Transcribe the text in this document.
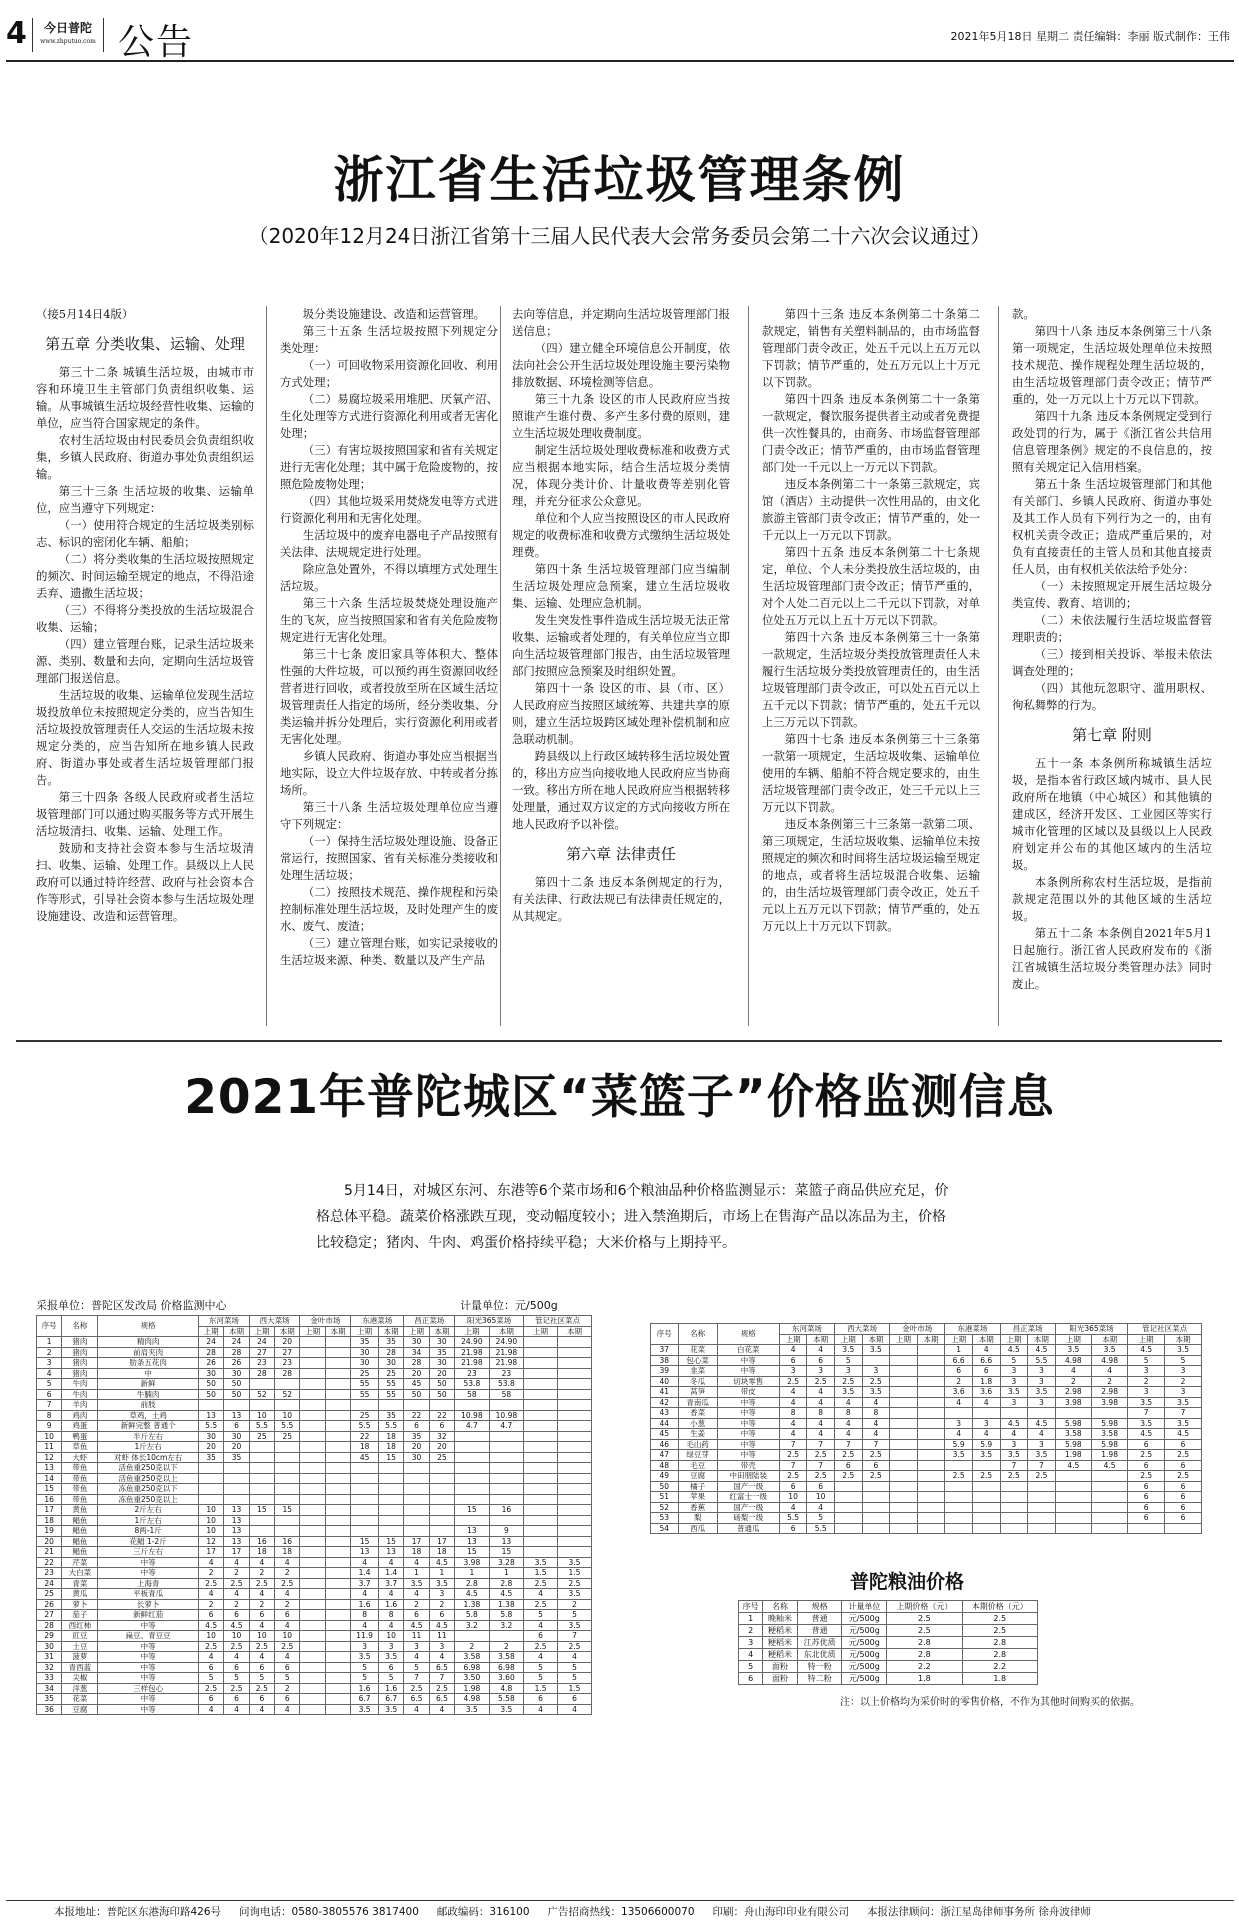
4	今日普陀
www.zhputuo.com 公告	2021年5月18日 星期二 责任编辑：李丽 版式制作：王伟
浙江省生活垃圾管理条例
（2020年12月24日浙江省第十三届人民代表大会常务委员会第二十六次会议通过）

（接5月14日4版）

第五章 分类收集、运输、处理

第三十二条 城镇生活垃圾，由城市市容和环境卫生主管部门负责组织收集、运输。从事城镇生活垃圾经营性收集、运输的单位，应当符合国家规定的条件。

农村生活垃圾由村民委员会负责组织收集，乡镇人民政府、街道办事处负责组织运输。

第三十三条 生活垃圾的收集、运输单位，应当遵守下列规定：

（一）使用符合规定的生活垃圾类别标志、标识的密闭化车辆、船舶；

（二）将分类收集的生活垃圾按照规定的频次、时间运输至规定的地点，不得沿途丢弃、遗撒生活垃圾；

（三）不得将分类投放的生活垃圾混合收集、运输；

（四）建立管理台账，记录生活垃圾来源、类别、数量和去向，定期向生活垃圾管理部门报送信息。

生活垃圾的收集、运输单位发现生活垃圾投放单位未按照规定分类的，应当告知生活垃圾投放管理责任人交运的生活垃圾未按规定分类的，应当告知所在地乡镇人民政府、街道办事处或者生活垃圾管理部门报告。

第三十四条 各级人民政府或者生活垃圾管理部门可以通过购买服务等方式开展生活垃圾清扫、收集、运输、处理工作。

鼓励和支持社会资本参与生活垃圾清扫、收集、运输、处理工作。县级以上人民政府可以通过特许经营、政府与社会资本合作等形式，引导社会资本参与生活垃圾处理设施建设、改造和运营管理。

圾分类设施建设、改造和运营管理。

第三十五条 生活垃圾按照下列规定分类处理：

（一）可回收物采用资源化回收、利用方式处理；

（二）易腐垃圾采用堆肥、厌氧产沼、生化处理等方式进行资源化利用或者无害化处理；

（三）有害垃圾按照国家和省有关规定进行无害化处理；其中属于危险废物的，按照危险废物处理；

（四）其他垃圾采用焚烧发电等方式进行资源化利用和无害化处理。

生活垃圾中的废弃电器电子产品按照有关法律、法规规定进行处理。

除应急处置外，不得以填埋方式处理生活垃圾。

第三十六条 生活垃圾焚烧处理设施产生的飞灰，应当按照国家和省有关危险废物规定进行无害化处理。

第三十七条 废旧家具等体积大、整体性强的大件垃圾，可以预约再生资源回收经营者进行回收，或者投放至所在区域生活垃圾管理责任人指定的场所，经分类收集、分类运输并拆分处理后，实行资源化利用或者无害化处理。

乡镇人民政府、街道办事处应当根据当地实际，设立大件垃圾存放、中转或者分拣场所。

第三十八条 生活垃圾处理单位应当遵守下列规定：

（一）保持生活垃圾处理设施、设备正常运行，按照国家、省有关标准分类接收和处理生活垃圾；

（二）按照技术规范、操作规程和污染控制标准处理生活垃圾，及时处理产生的废水、废气、废渣；

（三）建立管理台账，如实记录接收的生活垃圾来源、种类、数量以及产生产品

去向等信息，并定期向生活垃圾管理部门报送信息；

（四）建立健全环境信息公开制度，依法向社会公开生活垃圾处理设施主要污染物排放数据、环境检测等信息。

第三十九条 设区的市人民政府应当按照谁产生谁付费、多产生多付费的原则，建立生活垃圾处理收费制度。

制定生活垃圾处理收费标准和收费方式应当根据本地实际，结合生活垃圾分类情况，体现分类计价、计量收费等差别化管理，并充分征求公众意见。

单位和个人应当按照设区的市人民政府规定的收费标准和收费方式缴纳生活垃圾处理费。

第四十条 生活垃圾管理部门应当编制生活垃圾处理应急预案，建立生活垃圾收集、运输、处理应急机制。

发生突发性事件造成生活垃圾无法正常收集、运输或者处理的，有关单位应当立即向生活垃圾管理部门报告，由生活垃圾管理部门按照应急预案及时组织处置。

第四十一条 设区的市、县（市、区）人民政府应当按照区域统筹、共建共享的原则，建立生活垃圾跨区域处理补偿机制和应急联动机制。

跨县级以上行政区域转移生活垃圾处置的，移出方应当向接收地人民政府应当协商一致。移出方所在地人民政府应当根据转移处理量，通过双方议定的方式向接收方所在地人民政府予以补偿。

第六章 法律责任

第四十二条 违反本条例规定的行为，有关法律、行政法规已有法律责任规定的，从其规定。

第四十三条 违反本条例第二十条第二款规定，销售有关塑料制品的，由市场监督管理部门责令改正，处五千元以上五万元以下罚款；情节严重的，处五万元以上十万元以下罚款。

第四十四条 违反本条例第二十一条第一款规定，餐饮服务提供者主动或者免费提供一次性餐具的，由商务、市场监督管理部门责令改正；情节严重的，由市场监督管理部门处一千元以上一万元以下罚款。

违反本条例第二十一条第三款规定，宾馆（酒店）主动提供一次性用品的，由文化旅游主管部门责令改正；情节严重的，处一千元以上一万元以下罚款。

第四十五条 违反本条例第二十七条规定，单位、个人未分类投放生活垃圾的，由生活垃圾管理部门责令改正；情节严重的，对个人处二百元以上二千元以下罚款，对单位处五万元以上五十万元以下罚款。

第四十六条 违反本条例第三十一条第一款规定，生活垃圾分类投放管理责任人未履行生活垃圾分类投放管理责任的，由生活垃圾管理部门责令改正，可以处五百元以上五千元以下罚款；情节严重的，处五千元以上三万元以下罚款。

第四十七条 违反本条例第三十三条第一款第一项规定，生活垃圾收集、运输单位使用的车辆、船舶不符合规定要求的，由生活垃圾管理部门责令改正，处三千元以上三万元以下罚款。

违反本条例第三十三条第一款第二项、第三项规定，生活垃圾收集、运输单位未按照规定的频次和时间将生活垃圾运输至规定的地点，或者将生活垃圾混合收集、运输的，由生活垃圾管理部门责令改正，处五千元以上五万元以下罚款；情节严重的，处五万元以上十万元以下罚款。

款。

第四十八条 违反本条例第三十八条第一项规定，生活垃圾处理单位未按照技术规范、操作规程处理生活垃圾的，由生活垃圾管理部门责令改正；情节严重的，处一万元以上十万元以下罚款。

第四十九条 违反本条例规定受到行政处罚的行为，属于《浙江省公共信用信息管理条例》规定的不良信息的，按照有关规定记入信用档案。

第五十条 生活垃圾管理部门和其他有关部门、乡镇人民政府、街道办事处及其工作人员有下列行为之一的，由有权机关责令改正；造成严重后果的，对负有直接责任的主管人员和其他直接责任人员，由有权机关依法给予处分：

（一）未按照规定开展生活垃圾分类宣传、教育、培训的；

（二）未依法履行生活垃圾监督管理职责的；

（三）接到相关投诉、举报未依法调查处理的；

（四）其他玩忽职守、滥用职权、徇私舞弊的行为。

第七章 附则

五十一条 本条例所称城镇生活垃圾，是指本省行政区域内城市、县人民政府所在地镇（中心城区）和其他镇的建成区，经济开发区、工业园区等实行城市化管理的区域以及县级以上人民政府划定并公布的其他区域内的生活垃圾。

本条例所称农村生活垃圾，是指前款规定范围以外的其他区域的生活垃圾。

第五十二条 本条例自2021年5月1日起施行。浙江省人民政府发布的《浙江省城镇生活垃圾分类管理办法》同时废止。

2021年普陀城区“菜篮子”价格监测信息
5月14日，对城区东河、东港等6个菜市场和6个粮油品种价格监测显示：菜篮子商品供应充足，价格总体平稳。蔬菜价格涨跌互现，变动幅度较小；进入禁渔期后，市场上在售海产品以冻品为主，价格比较稳定；猪肉、牛肉、鸡蛋价格持续平稳；大米价格与上期持平。
采报单位：普陀区发改局 价格监测中心	计量单位：元/500g
序号	名称	规格	东河菜场		西大菜场		金叶市场		东港菜场		昌正菜场		阳光365菜场		管记社区菜点	
			上期	本期	上期	本期	上期	本期	上期	本期	上期	本期	上期	本期	上期	本期
1	猪肉	精肉肉	24	24	24	20			35	35	30	30	24.90	24.90		
2	猪肉	前肩夹肉	28	28	27	27			30	28	34	35	21.98	21.98		
3	猪肉	肋条五花肉	26	26	23	23			30	30	28	30	21.98	21.98		
4	猪肉	中	30	30	28	28			25	25	20	20	23	23		
5	牛肉	新鲜	50	50					55	55	45	50	53.8	53.8		
6	牛肉	牛腩肉	50	50	52	52			55	55	50	50	58	58		
7	羊肉	前肢														
8	鸡肉	草鸡，土鸡	13	13	10	10			25	35	22	22	10.98	10.98		
9	鸡蛋	新鲜完整 普通个	5.5	6	5.5	5.5			5.5	5.5	6	6	4.7	4.7		
10	鸭蛋	半斤左右	30	30	25	25			22	18	35	32				
11	草鱼	1斤左右	20	20					18	18	20	20				
12	大虾	对虾 体长10cm左右	35	35					45	15	30	25				
13	带鱼	活鱼重250克以下														
14	带鱼	活鱼重250克以上														
15	带鱼	冻鱼重250克以下														
16	带鱼	冻鱼重250克以上														
17	黄鱼	2斤左右	10	13	15	15							15	16		
18	鲳鱼	1斤左右	10	13												
19	鲳鱼	8两-1斤	10	13									13	9		
20	鲳鱼	花鲳 1-2斤	12	13	16	16			15	15	17	17	13	13		
21	鲳鱼	三斤左右	17	17	18	18			13	13	18	18	15	15		
22	芹菜	中等	4	4	4	4			4	4	4	4.5	3.98	3.28	3.5	3.5
23	大白菜	中等	2	2	2	2			1.4	1.4	1	1	1	1	1.5	1.5
24	青菜	上海青	2.5	2.5	2.5	2.5			3.7	3.7	3.5	3.5	2.8	2.8	2.5	2.5
25	黄瓜	平板青瓜	4	4	4	4			4	4	4	3	4.5	4.5	4	3.5
26	萝卜	长萝卜	2	2	2	2			1.6	1.6	2	2	1.38	1.38	2.5	2
27	茄子	新鲜红茄	6	6	6	6			8	8	6	6	5.8	5.8	5	5
28	西红柿	中等	4.5	4.5	4	4			4	4	4.5	4.5	3.2	3.2	4	3.5
29	豇豆	扁豆、青豆豆	10	10	10	10			11.9	10	11	11			6	7
30	土豆	中等	2.5	2.5	2.5	2.5			3	3	3	3	2	2	2.5	2.5
31	菠萝	中等	4	4	4	4			3.5	3.5	4	4	3.58	3.58	4	4
32	青西蓝	中等	6	6	6	6			5	6	5	6.5	6.98	6.98	5	5
33	尖椒	中等	5	5	5	5			5	5	7	7	3.50	3.60	5	5
34	洋葱	三样包心	2.5	2.5	2.5	2			1.6	1.6	2.5	2.5	1.98	4.8	1.5	1.5
35	花菜	中等	6	6	6	6			6.7	6.7	6.5	6.5	4.98	5.58	6	6
36	豆腐	中等	4	4	4	4			3.5	3.5	4	4	3.5	3.5	4	4
序号	名称	规格	东河菜场		西大菜场		金叶市场		东港菜场		昌正菜场		阳光365菜场		管记社区菜点	
			上期	本期	上期	本期	上期	本期	上期	本期	上期	本期	上期	本期	上期	本期
37	花菜	白花菜	4	4	3.5	3.5			1	4	4.5	4.5	3.5	3.5	4.5	3.5
38	包心菜	中等	6	6	5				6.6	6.6	5	5.5	4.98	4.98	5	5
39	韭菜	中等	3	3	3	3			6	6	3	3	4	4	3	3
40	冬瓜	切块零售	2.5	2.5	2.5	2.5			2	1.8	3	3	2	2	2	2
41	莴笋	带皮	4	4	3.5	3.5			3.6	3.6	3.5	3.5	2.98	2.98	3	3
42	青南瓜	中等	4	4	4	4			4	4	3	3	3.98	3.98	3.5	3.5
43	香菜	中等	8	8	8	8									7	7
44	小葱	中等	4	4	4	4			3	3	4.5	4.5	5.98	5.98	3.5	3.5
45	生姜	中等	4	4	4	4			4	4	4	4	3.58	3.58	4.5	4.5
46	毛山药	中等	7	7	7	7			5.9	5.9	3	3	5.98	5.98	6	6
47	绿豆芽	中等	2.5	2.5	2.5	2.5			3.5	3.5	3.5	3.5	1.98	1.98	2.5	2.5
48	毛豆	带壳	7	7	6	6					7	7	4.5	4.5	6	6
49	豆腐	中田朋陆装	2.5	2.5	2.5	2.5			2.5	2.5	2.5	2.5			2.5	2.5
50	橘子	国产一级	6	6											6	6
51	苹果	红富士一级	10	10											6	6
52	香蕉	国产一级	4	4											6	6
53	梨	砀梨一级	5.5	5											6	6
54	西瓜	普通瓜	6	5.5												
普陀粮油价格
序号	名称	规格	计量单位	上期价格（元）	本期价格（元）
1	晚籼米	普通	元/500g	2.5	2.5
2	粳稻米	普通	元/500g	2.5	2.5
3	粳稻米	江苏优质	元/500g	2.8	2.8
4	粳稻米	东北优质	元/500g	2.8	2.8
5	面粉	特一粉	元/500g	2.2	2.2
6	面粉	特二粉	元/500g	1.8	1.8
注：以上价格均为采价时的零售价格，不作为其他时间购买的依据。
本报地址：普陀区东港海印路426号 问询电话：0580-3805576 3817400 邮政编码：316100 广告招商热线：13506600070 印刷：舟山海印印业有限公司 本报法律顾问：浙江星岛律师事务所 徐舟波律师
